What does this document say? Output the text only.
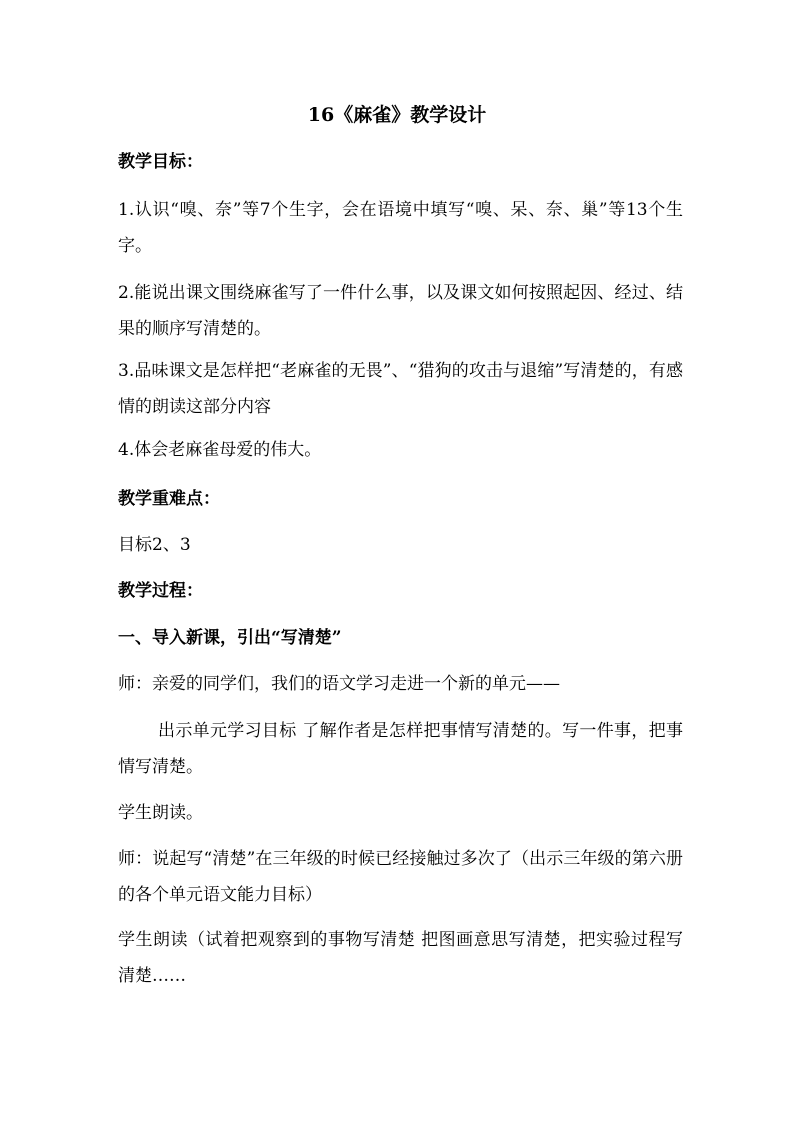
16《麻雀》教学设计
教学目标：
1.认识“嗅、奈”等7个生字，会在语境中填写“嗅、呆、奈、巢”等13个生字。
2.能说出课文围绕麻雀写了一件什么事，以及课文如何按照起因、经过、结果的顺序写清楚的。
3.品味课文是怎样把“老麻雀的无畏”、“猎狗的攻击与退缩”写清楚的，有感情的朗读这部分内容
4.体会老麻雀母爱的伟大。
教学重难点：
目标2、3
教学过程：
一、导入新课，引出“写清楚”
师：亲爱的同学们，我们的语文学习走进一个新的单元——
出示单元学习目标 了解作者是怎样把事情写清楚的。写一件事，把事情写清楚。
学生朗读。
师：说起写“清楚”在三年级的时候已经接触过多次了（出示三年级的第六册的各个单元语文能力目标）
学生朗读（试着把观察到的事物写清楚 把图画意思写清楚，把实验过程写清楚……
